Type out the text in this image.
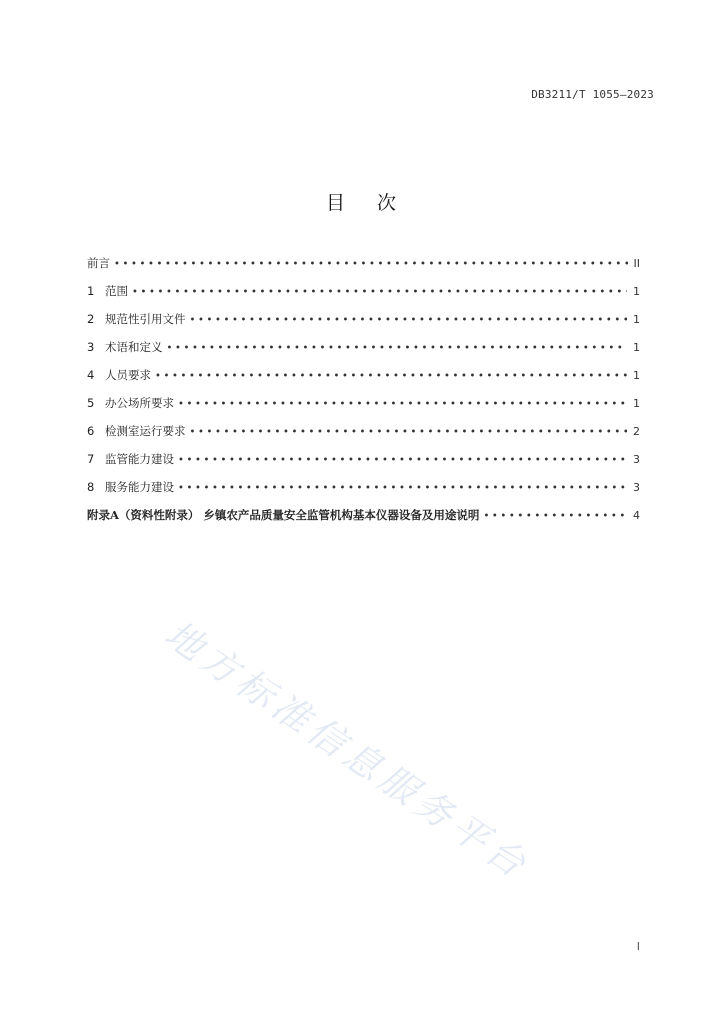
DB3211/T 1055—2023
目 次
前言 •••••	II
1 范围 •••••	1
2 规范性引用文件 •••••	1
3 术语和定义 •••••	1
4 人员要求 •••••	1
5 办公场所要求 •••••	1
6 检测室运行要求 •••••	2
7 监管能力建设 •••••	3
8 服务能力建设 •••••	3
附录A（资料性附录） 乡镇农产品质量安全监管机构基本仪器设备及用途说明 •••••	4
地方标准信息服务平台
I
